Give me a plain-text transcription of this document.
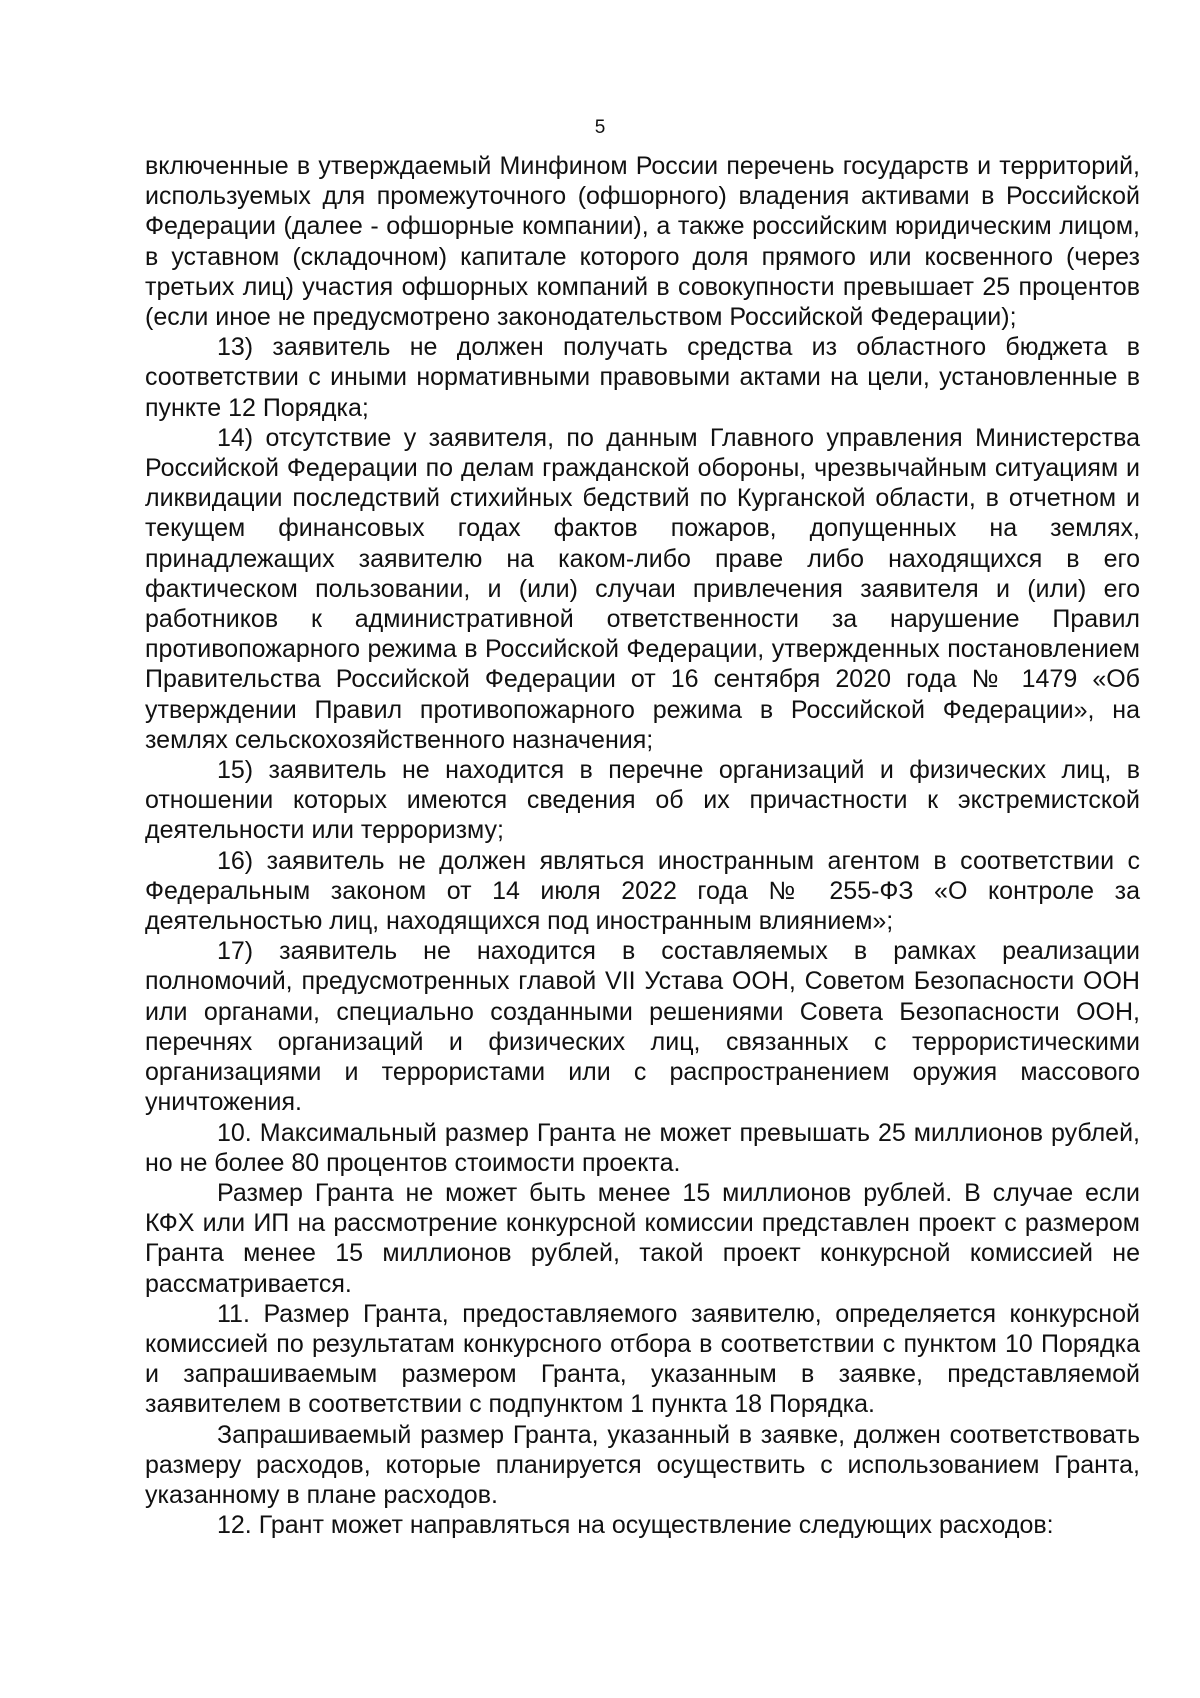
5

включенные в утверждаемый Минфином России перечень государств и территорий, используемых для промежуточного (офшорного) владения активами в Российской Федерации (далее - офшорные компании), а также российским юридическим лицом, в уставном (складочном) капитале которого доля прямого или косвенного (через третьих лиц) участия офшорных компаний в совокупности превышает 25 процентов (если иное не предусмотрено законодательством Российской Федерации);

13) заявитель не должен получать средства из областного бюджета в соответствии с иными нормативными правовыми актами на цели, установленные в пункте 12 Порядка;

14) отсутствие у заявителя, по данным Главного управления Министерства Российской Федерации по делам гражданской обороны, чрезвычайным ситуациям и ликвидации последствий стихийных бедствий по Курганской области, в отчетном и текущем финансовых годах фактов пожаров, допущенных на землях, принадлежащих заявителю на каком-либо праве либо находящихся в его фактическом пользовании, и (или) случаи привлечения заявителя и (или) его работников к административной ответственности за нарушение Правил противопожарного режима в Российской Федерации, утвержденных постановлением Правительства Российской Федерации от 16 сентября 2020 года № 1479 «Об утверждении Правил противопожарного режима в Российской Федерации», на землях сельскохозяйственного назначения;

15) заявитель не находится в перечне организаций и физических лиц, в отношении которых имеются сведения об их причастности к экстремистской деятельности или терроризму;

16) заявитель не должен являться иностранным агентом в соответствии с Федеральным законом от 14 июля 2022 года № 255-ФЗ «О контроле за деятельностью лиц, находящихся под иностранным влиянием»;

17) заявитель не находится в составляемых в рамках реализации полномочий, предусмотренных главой VII Устава ООН, Советом Безопасности ООН или органами, специально созданными решениями Совета Безопасности ООН, перечнях организаций и физических лиц, связанных с террористическими организациями и террористами или с распространением оружия массового уничтожения.

10. Максимальный размер Гранта не может превышать 25 миллионов рублей, но не более 80 процентов стоимости проекта.

Размер Гранта не может быть менее 15 миллионов рублей. В случае если КФХ или ИП на рассмотрение конкурсной комиссии представлен проект с размером Гранта менее 15 миллионов рублей, такой проект конкурсной комиссией не рассматривается.

11. Размер Гранта, предоставляемого заявителю, определяется конкурсной комиссией по результатам конкурсного отбора в соответствии с пунктом 10 Порядка и запрашиваемым размером Гранта, указанным в заявке, представляемой заявителем в соответствии с подпунктом 1 пункта 18 Порядка.

Запрашиваемый размер Гранта, указанный в заявке, должен соответствовать размеру расходов, которые планируется осуществить с использованием Гранта, указанному в плане расходов.

12. Грант может направляться на осуществление следующих расходов:
